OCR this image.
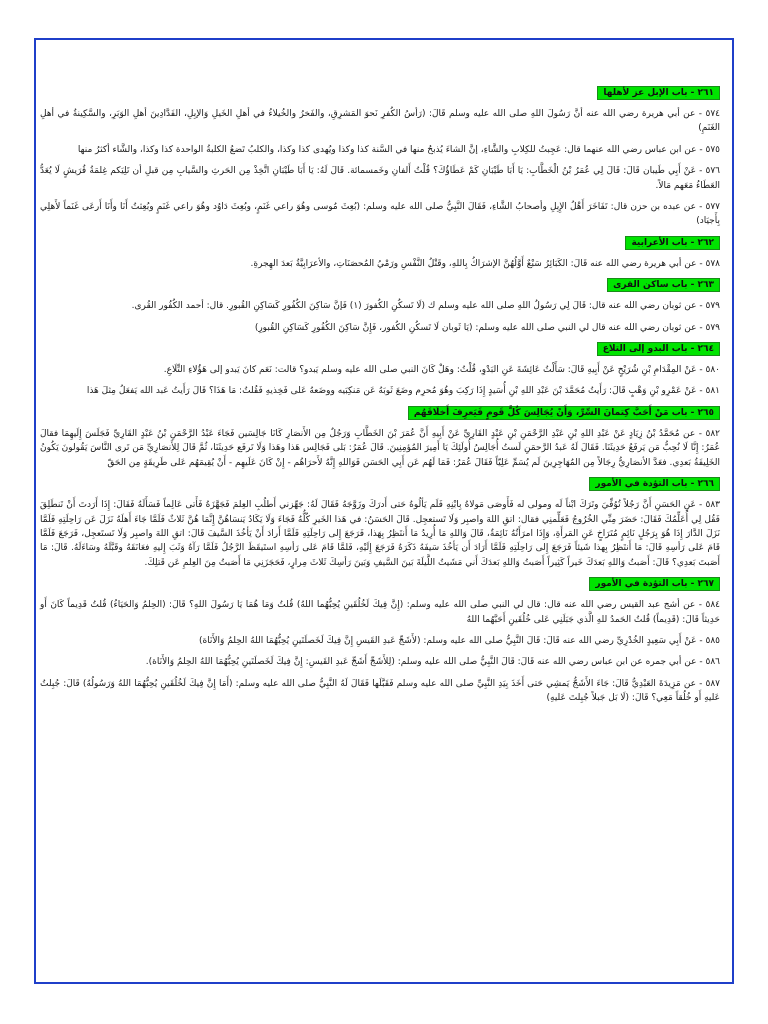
٢٦١ - باب الإبل عز لأهلها

٥٧٤ - عن أبي هريرة رضي الله عنه أنَّ رَسُولَ اللهِ صلى الله عليه وسلم قَالَ: (رَأسُ الكُفرِ نَحوَ المَشرِقِ، والفَخرُ والخُيلاءُ في أهلِ الخَيلِ وَالإبِلِ، الفَدَّادِينَ أهلِ الوَبَرِ، والسَّكِينةُ في أهلِ الغَنَمِ)

٥٧٥ - عن ابن عباس رضي الله عنهما قال: عَجِبتُ للكِلابِ والشَّاءِ، إنَّ الشاءَ يُذبحُ منها في السَّنة كذا وكذا ويُهدى كذا وكذا، والكلبُ تَضعُ الكلبةُ الواحدة كذا وكذا، والشَّاء أكثرُ منها

٥٧٦ - عَنْ أَبِي طَيبان قَالَ: قَالَ لِي عُمَرُ بْنُ الْخَطَّابِ: يَا أَبَا طَيْبَانِ كَمْ عَطَاؤُكَ؟ قُلْتُ أَلفانِ وخَمسمائة. قَالَ لَهُ: يَا أَبَا طَيْبَانِ اتَّخِذْ مِن الحَرثِ والسَّيابِ مِن قبلِ أن تَلِيَكم غِلمَةُ قُرَيشٍ لَا يُعَدُّ العَطَاءُ مَعَهم مَالاً.

٥٧٧ - عن عبده بن حزن قال: تَفَاخَرَ أَهْلُ الإِبِلِ وأصحابُ الشَّاءِ، فَقَالَ النَّبِيُّ صلى الله عليه وسلم: (بُعِثَ مُوسى وهُوَ راعي غَنَمٍ، وبُعِثَ دَاوُد وهُوَ راعي غَنَمٍ وبُعِثتُ أَنَا وأَنَا أَرعَى غَنَماً لأَهلِي بِأَجيَاد)

٢٦٢ - باب الأعرابية

٥٧٨ - عن أبي هريرة رضي الله عنه قَالَ: الكَبَائِرُ سَبْعٌ أَوَّلُهُنَّ الإشرَاكُ بِاللهِ، وقَتْلُ النَّفْسِ ورَمْيُ المُحصَنَاتِ، والأعرَابِيَّةُ بَعدَ الهِجرةِ.

٢٦٣ - باب ساكن القرى

٥٧٩ - عن ثوبان رضي الله عنه قال: قَالَ لِي رَسُولُ اللهِ صلى الله عليه وسلم ك (لَا تَسكُنِ الكُفورَ (١) فَإنَّ سَاكِنَ الكُفُورِ كَسَاكِنِ القُبورِ. قال: أحمد الكُفُور القُرى.

٥٧٩ - عن ثوبان رضي الله عنه قال لي النبي صلى الله عليه وسلم: (يَا ثَوبان لَا تَسكُنِ الكُفور، فَإِنَّ سَاكِنَ الكُفُورِ كَسَاكِنِ القُبورِ)

٢٦٤ - باب البدو إلى التلاع

٥٨٠ - عَنْ المِقْدَامِ بْنِ شُرَيْحٍ عَنْ أَبِيهِ قَالَ: سَأَلْتُ عَائِشَةَ عَنِ البَدْوِ، قُلْتُ: وهَلْ كَانَ النبي صلى الله عليه وسلم يَبدو؟ قالت: نَعَم كانَ يَبدو إلى هَؤُلاءِ التِّلَاعِ.

٥٨١ - عَنْ عَمْرِو بْنِ وَهْبٍ قَالَ: رَأَيتُ مُحَمَّدَ بْنَ عَبْدِ اللهِ بْنِ أُسَيدٍ إِذَا رَكِبَ وهُوَ مُحرِم وضَعَ ثَوبَهُ عَن مَنكِبَيه ووضَعهُ عَلى فَخِذيهِ فَقُلتُ: مَا هَذَا؟ قَالَ رَأَيتُ عَبد الله يَفعَلُ مِثلَ هَذا

٢٦٥ - باب مَنْ أَحَبَّ كِتمانَ السِّرِّ، وَأَنْ يُجَالِسَ كُلَّ قَومٍ فَيَعرِفَ أَخلَاقَهُم

٥٨٢ - عن مُحَمَّدُ بْنُ زِيَادٍ عَنْ عَبْدِ اللهِ بْنِ عَبْدِ الرَّحْمَنِ بْنِ عَبْدٍ القَارِيِّ عَنْ أَبِيهِ أَنَّ عُمَرَ بْنَ الخَطَّابِ وَرَجُلٌ مِن الأَنصَارِ كَانَا جَالِسَين فَجَاءَ عَبْدُ الرَّحْمَنِ بْنُ عَبْدٍ القَارِيِّ فَجَلَسَ إِلَيهِمَا فقالَ عُمَرُ: إِنَّا لَا نُحِبُّ مَن يَرفَعُ حَدِيثَنَا. فَقَالَ لَهُ عَبدُ الرَّحمَنِ لَستُ أُجَالِسُ أُولَئِكَ يَا أَمِيرَ المُؤمِنِينَ. قَالَ عُمَرُ: بَلى فَجَالِس هَذا وهَذا وَلَا تَرفَع حَدِيثَنَا، ثُمَّ قَالَ لِلأَنصَارِيِّ مَن تَرى النَّاسَ يَقُولونَ يَكُونُ الخَلِيفَةُ بَعدِي. فعَدَّ الأنصَارِيُّ رِجَالاً مِن المُهَاجِرِينَ لَم يُسَمِّ عَلِيّاً فَقَالَ عُمَرُ: فَمَا لَهُم عَن أَبِي الحَسَن فَوَاللهِ إِنَّهُ لأَحرَاهُم - إِنْ كَانَ عَلَيهِم - أَنْ يُقِيمَهُم عَلى طَرِيقَةٍ مِن الحَقّ

٢٦٦ - باب التؤدة في الأمور

٥٨٣ - عَنِ الحَسَنِ أَنَّ رَجُلاً تُوُفِّيَ وتَرَكَ ابْناً لَه ومولى له فَأَوصَى مَولاهُ بِابْنِهِ فَلَم يَألُوهُ حَتى أَدرَكَ وزَوَّجَهُ فَقَالَ لَهُ: جَهِّزني أَطلُبِ العِلمَ فَجَهَّزَهُ فَأَتى عَالِماً فَسَأَلَهُ فَقَالَ: إِذَا أَرَدتَ أَنْ تَنطَلِقَ فَقُل لِي أُعَلِّمُكَ فَقَالَ: حَضَرَ مِنِّي الخُرُوجُ فَعَلِّمنِي فقال: اتقِ اللهَ واصبِر وَلَا تَستعجِل. قَالَ الحَسَنُ: في هَذا الخَيرِ كُلُّهُ فَجَاءَ وَلَا يَكَادُ يَنسَاهُنَّ إِنَّمَا هُنَّ ثَلاثٌ فَلَمَّا جَاءَ أَهلَهُ نَزَلَ عَن رَاحِلَتِهِ فَلَمَّا نَزَلَ الدَّارَ إِذَا هُوَ بِرَجُلٍ نَائِمٍ مُتَرَاخٍ عَنِ المَرأَةِ، وَإِذَا امرَأَتُهُ نَائِمَةٌ، قَالَ وَاللهِ مَا أُرِيدُ مَا أَنتَظِرُ بِهَذا، فَرَجَعَ إِلى رَاحِلَتِهِ فَلَمَّا أَرادَ أَنْ يَأخُذَ السَّيفَ قَالَ: اتقِ اللهَ واصبِر وَلَا تَستَعجِل، فَرَجَعَ فَلَمَّا قَامَ عَلى رَأسِهِ قَالَ: مَا أَنتَظِرُ بِهذا شَيئاً فَرَجَعَ إِلى رَاحِلَتِهِ فَلَمَّا أَرَادَ أَن يَأخُذَ سَيفَهُ ذَكَرَهُ فَرَجَعَ إِلَيْهِ، فَلمَّا قَامَ عَلى رَأسِهِ استَيقَظَ الرَّجُلُ فَلَمَّا رَآهُ وَثَبَ إِليهِ فعَانَقَهُ وقَبَّلَهُ وسَاءَلَهُ. قَالَ: مَا أَصَبتَ بَعدِي؟ قَالَ: أَصَبتُ وَاللهِ بَعدَكَ خَيراً كَثِيراً أَصَبتُ وَاللهِ بَعدَكَ أَني مَشَيتُ اللَّيلَةَ بَينَ السَّيفِ وَبَينَ رَأسِكَ ثَلاثَ مِرارٍ، فَحَجَزَنِي مَا أَصَبتُ مِنَ العِلمِ عَن قَتلِكَ.

٢٦٧ - باب التؤدة في الأمور

٥٨٤ - عن أشج عبد القيس رضي الله عنه قال: قال لي النبي صلى الله عليه وسلم: (إِنَّ فِيكَ لَخُلُقَينِ يُحِبُّهُما اللهُ) قُلتُ وَمَا هُمَا يَا رَسُولَ اللهِ؟ قَالَ: (الحِلمُ وَالحَيَاءُ) قُلتُ قَدِيماً كَانَ أَو حَدِيثاً قَالَ: (قَدِيماً) قُلتُ الحَمدُ للهِ الَّذي جَبَلَنِي عَلى خُلُقَينِ أَحَبَّهُما اللهُ

٥٨٥ - عَنْ أَبِي سَعِيدٍ الخُدْرِيِّ رضي الله عنه قَالَ: قَالَ النَّبِيُّ صلى الله عليه وسلم: (لأَشَجِّ عَبدِ القَيسِ إِنَّ فِيكَ لَخَصلَتَينِ يُحِبُّهُمَا اللهُ الحِلمُ وَالأَنَاة)

٥٨٦ - عن أبي جمره عن ابن عباس رضي الله عنه قَالَ: قَالَ النَّبِيُّ صلى الله عليه وسلم: (لِلأَشَجِّ أَشَجِّ عَبدِ القَيسِ: إِنَّ فِيكَ لَخَصلَتَينِ يُحِبُّهُمَا اللهُ الحِلمُ وَالأَنَاة).

٥٨٧ - عن مَزِيدَةَ العَبْدِيُّ قَالَ: جَاءَ الأَشَجُّ يَمشِي حَتى أَخَذَ بِيَدِ النَّبِيِّ صلى الله عليه وسلم فَقَبَّلَها فَقَالَ لَهُ النَّبِيُّ صلى الله عليه وسلم: (أَمَا إِنَّ فِيكَ لَخُلُقَينِ يُحِبُّهُمَا اللهُ وَرَسُولُهُ) قَالَ: جُبِلتُ عَليهِ أَو خُلُقاً مَعِي؟ قَالَ: (لَا بَل جَبلاً جُبِلتَ عَليهِ)
